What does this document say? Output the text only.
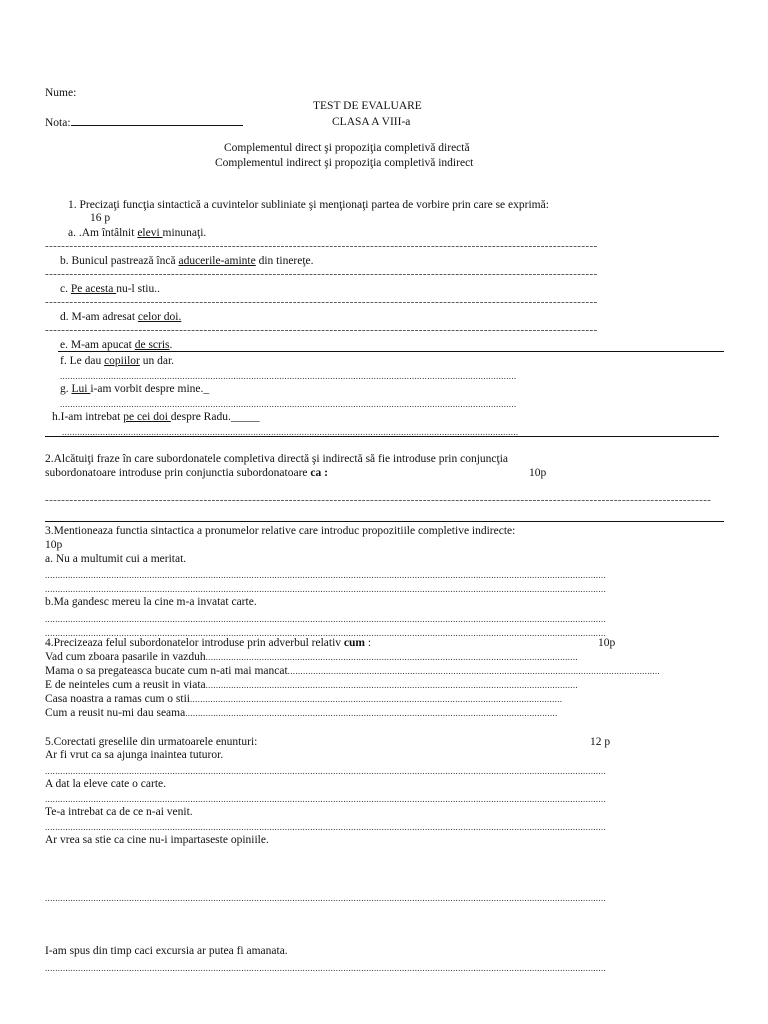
Nume:
TEST DE EVALUARE
Nota:	CLASA A VIII-a
Complementul direct şi propoziţia completivă directă
Complementul indirect şi propoziţia completivă indirect
1. Precizaţi funcţia sintactică a cuvintelor subliniate şi menţionaţi partea de vorbire prin care se exprimă:
16 p
a. .Am întâlnit elevi minunaţi.
----------------------------------------------------------------------------------------------------------------------------------------
b. Bunicul pastrează încă aducerile-aminte din tinereţe.
----------------------------------------------------------------------------------------------------------------------------------------
c. Pe acesta nu-l stiu..
----------------------------------------------------------------------------------------------------------------------------------------
d. M-am adresat celor doi.
----------------------------------------------------------------------------------------------------------------------------------------
e. M-am apucat de scris.
f. Le dau copiilor un dar.
...................................................................................................................................................................................
g. Lui i-am vorbit despre mine._
...................................................................................................................................................................................
h.I-am intrebat pe cei doi despre Radu._____
...................................................................................................................................................................................
2.Alcătuiţi fraze în care subordonatele completiva directă şi indirectă să fie introduse prin conjuncţia
subordonatoare introduse prin conjunctia subordonatoare ca :	10p
--------------------------------------------------------------------------------------------------------------------------------------------------------------------
3.Mentioneaza functia sintactica a pronumelor relative care introduc propozitiile completive indirecte:
10p
a. Nu a multumit cui a meritat.
............................................................................................................................................................................................................................
............................................................................................................................................................................................................................
b.Ma gandesc mereu la cine m-a invatat carte.
............................................................................................................................................................................................................................
............................................................................................................................................................................................................................
4.Precizeaza felul subordonatelor introduse prin adverbul relativ cum :	10p
Vad cum zboara pasarile in vazduh..................................................................................................................................................
Mama o sa pregateasca bucate cum n-ati mai mancat..................................................................................................................................................
E de neinteles cum a reusit in viata..................................................................................................................................................
Casa noastra a ramas cum o stii..................................................................................................................................................
Cum a reusit nu-mi dau seama..................................................................................................................................................
5.Corectati greselile din urmatoarele enunturi:	12 p
Ar fi vrut ca sa ajunga inaintea tuturor.
............................................................................................................................................................................................................................
A dat la eleve cate o carte.
............................................................................................................................................................................................................................
Te-a intrebat ca de ce n-ai venit.
............................................................................................................................................................................................................................
Ar vrea sa stie ca cine nu-i impartaseste opiniile.
............................................................................................................................................................................................................................
I-am spus din timp caci excursia ar putea fi amanata.
............................................................................................................................................................................................................................
